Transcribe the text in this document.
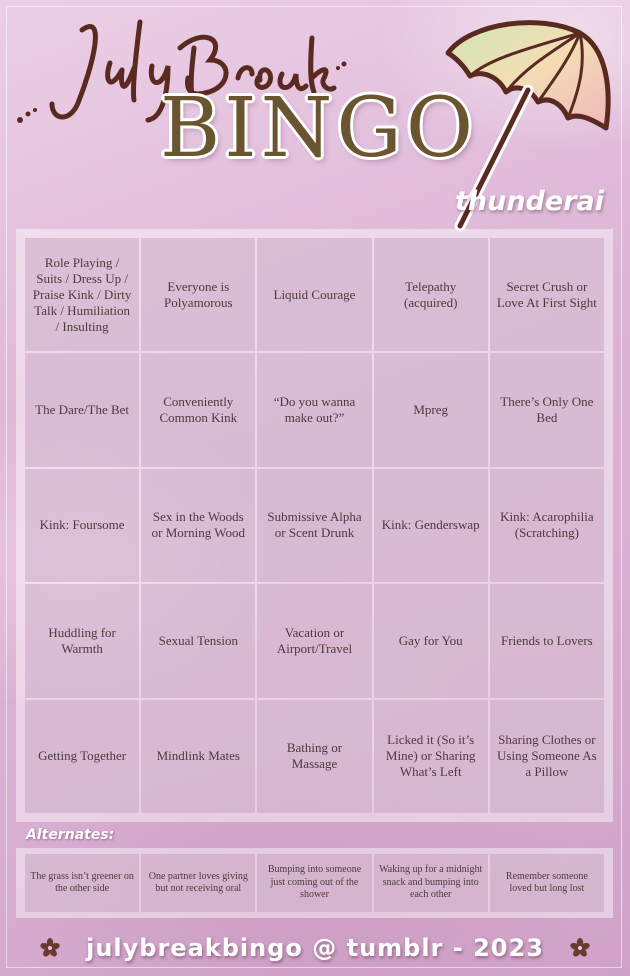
BINGO
thunderai
Role Playing / Suits / Dress Up / Praise Kink / Dirty Talk / Humiliation / Insulting
Everyone is Polyamorous
Liquid Courage
Telepathy (acquired)
Secret Crush or Love At First Sight
The Dare/The Bet
Conveniently Common Kink
“Do you wanna make out?”
Mpreg
There’s Only One Bed
Kink: Foursome
Sex in the Woods or Morning Wood
Submissive Alpha or Scent Drunk
Kink: Genderswap
Kink: Acarophilia (Scratching)
Huddling for Warmth
Sexual Tension
Vacation or Airport/Travel
Gay for You	Friends to Lovers
Getting Together	Mindlink Mates
Bathing or Massage
Licked it (So it’s Mine) or Sharing What’s Left
Sharing Clothes or Using Someone As a Pillow
Alternates:
The grass isn’t greener on the other side
One partner loves giving but not receiving oral
Bumping into someone just coming out of the shower
Waking up for a midnight snack and bumping into each other
Remember someone loved but long lost
julybreakbingo @ tumblr - 2023
